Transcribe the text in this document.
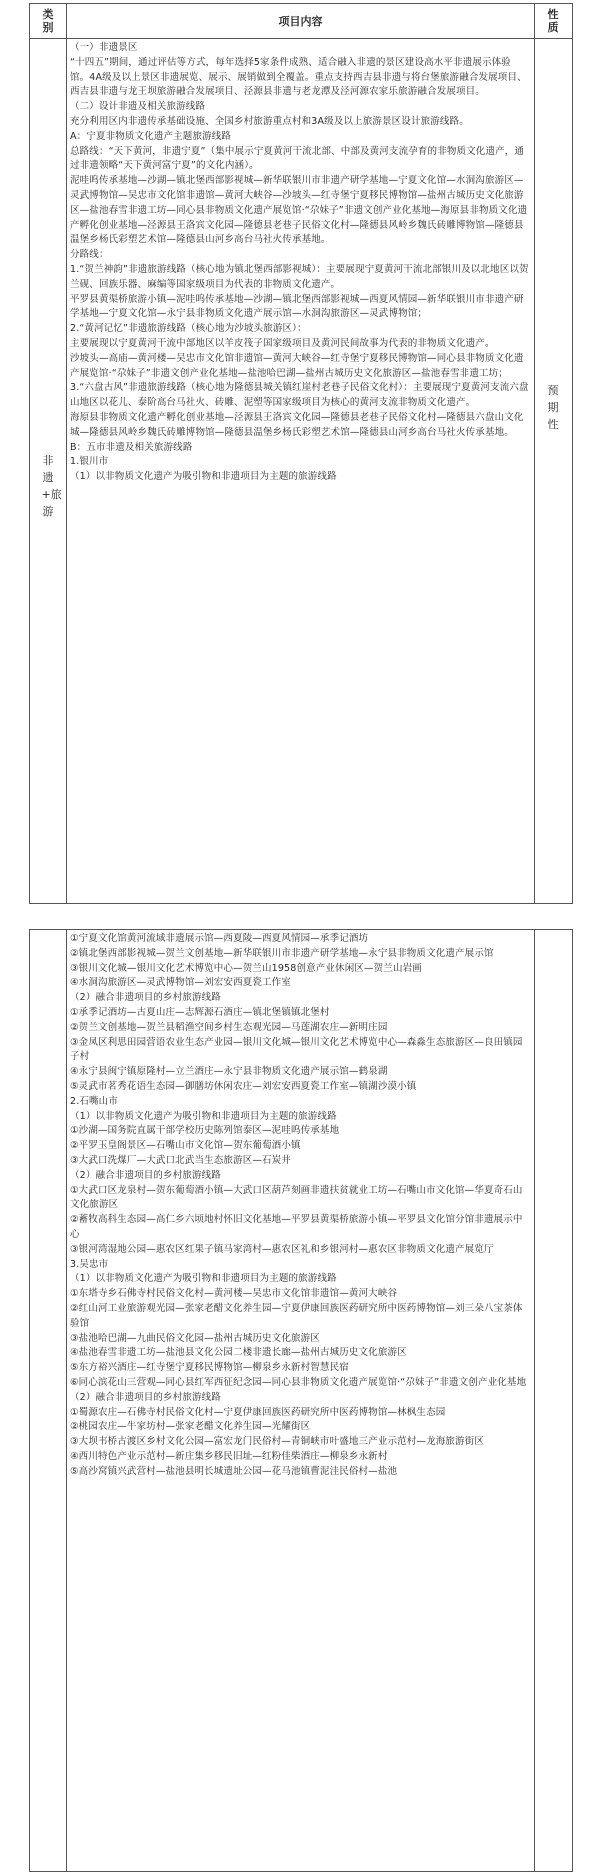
类别	项目内容	性质
非遗+旅游
预期性

（一）非遗景区

“十四五”期间，通过评估等方式，每年选择5家条件成熟、适合融入非遗的景区建设高水平非遗展示体验馆。4A级及以上景区非遗展览、展示、展销做到全覆盖。重点支持西吉县非遗与将台堡旅游融合发展项目、西吉县非遗与龙王坝旅游融合发展项目、泾源县非遗与老龙潭及泾河源农家乐旅游融合发展项目。

（二）设计非遗及相关旅游线路

充分利用区内非遗传承基础设施、全国乡村旅游重点村和3A级及以上旅游景区设计旅游线路。

A：宁夏非物质文化遗产主题旅游线路

总路线：“天下黄河，非遗宁夏”（集中展示宁夏黄河干流北部、中部及黄河支流孕育的非物质文化遗产，通过非遗领略“天下黄河富宁夏”的文化内涵）。

泥哇呜传承基地—沙湖—镇北堡西部影视城—新华联银川市非遗产研学基地—宁夏文化馆—水洞沟旅游区—灵武博物馆—吴忠市文化馆非遗馆—黄河大峡谷—沙坡头—红寺堡宁夏移民博物馆—盐州古城历史文化旅游区—盐池春雪非遗工坊—同心县非物质文化遗产展览馆·“尕妹子”非遗文创产业化基地—海原县非物质文化遗产孵化创业基地—泾源县王洛宾文化园—隆德县老巷子民俗文化村—隆德县风岭乡魏氏砖雕博物馆—隆德县温堡乡杨氏彩塑艺术馆—隆德县山河乡高台马社火传承基地。

分路线：

1.“贺兰神韵”非遗旅游线路（核心地为镇北堡西部影视城）：主要展现宁夏黄河干流北部银川及以北地区以贺兰砚、回族乐器、麻编等国家级项目为代表的非物质文化遗产。

平罗县黄渠桥旅游小镇—泥哇呜传承基地—沙湖—镇北堡西部影视城—西夏风情园—新华联银川市非遗产研学基地—宁夏文化馆—永宁县非物质文化遗产展示馆—水洞沟旅游区—灵武博物馆；

2.“黄河记忆”非遗旅游线路（核心地为沙坡头旅游区）：

主要展现以宁夏黄河干流中部地区以羊皮筏子国家级项目及黄河民间故事为代表的非物质文化遗产。

沙坡头—高庙—黄河楼—吴忠市文化馆非遗馆—黄河大峡谷—红寺堡宁夏移民博物馆—同心县非物质文化遗产展览馆·“尕妹子”非遗文创产业化基地—盐池哈巴湖—盐州古城历史文化旅游区—盐池春雪非遗工坊；

3.“六盘古风”非遗旅游线路（核心地为隆德县城关镇红崖村老巷子民俗文化村）：主要展现宁夏黄河支流六盘山地区以花儿、泰阶高台马社火、砖雕、泥塑等国家级项目为核心的黄河支流非物质文化遗产。

海原县非物质文化遗产孵化创业基地—泾源县王洛宾文化园—隆德县老巷子民俗文化村—隆德县六盘山文化城—隆德县风岭乡魏氏砖雕博物馆—隆德县温堡乡杨氏彩塑艺术馆—隆德县山河乡高台马社火传承基地。

B：五市非遗及相关旅游线路

1.银川市

（1）以非物质文化遗产为吸引物和非遗项目为主题的旅游线路

①宁夏文化馆黄河流域非遗展示馆—西夏陵—西夏风情园—承季记酒坊

②镇北堡西部影视城—贺兰文创基地—新华联银川市非遗产研学基地—永宁县非物质文化遗产展示馆

③银川文化城—银川文化艺术博览中心—贺兰山1958创意产业休闲区—贺兰山岩画

④水洞沟旅游区—灵武博物馆—刘宏安西夏瓷工作室

（2）融合非遗项目的乡村旅游线路

①承季记酒坊—古夏山庄—志辉源石酒庄—镇北堡镇镇北堡村

②贺兰文创基地—贺兰县稻渔空间乡村生态观光园—马莲湖农庄—新明庄园

③金凤区利思田园营语农业生态产业园—银川文化城—银川文化艺术博览中心—森淼生态旅游区—良田镇园子村

④永宁县闽宁镇原隆村—立兰酒庄—永宁县非物质文化遗产展示馆—鹤泉湖

⑤灵武市茗秀花语生态园—御膳坊休闲农庄—刘宏安西夏瓷工作室—镇湖沙漠小镇

2.石嘴山市

（1）以非物质文化遗产为吸引物和非遗项目为主题的旅游线路

①沙湖—国务院直属干部学校历史陈列馆泰区—泥哇呜传承基地

②平罗玉皇阁景区—石嘴山市文化馆—贺东葡萄酒小镇

③大武口洗煤厂—大武口北武当生态旅游区—石炭井

（2）融合非遗项目的乡村旅游线路

①大武口区龙泉村—贺东葡萄酒小镇—大武口区葫芦刻画非遗扶贫就业工坊—石嘴山市文化馆—华夏奇石山文化旅游区

②蓄牧高科生态园—高仁乡六顷地村怀旧文化基地—平罗县黄渠桥旅游小镇—平罗县文化馆分馆非遗展示中心

③银河湾湿地公园—惠农区红果子镇马家湾村—惠农区礼和乡银河村—惠农区非物质文化遗产展览厅

3.吴忠市

（1）以非物质文化遗产为吸引物和非遗项目为主题的旅游线路

①东塔寺乡石佛寺村民俗文化村—黄河楼—吴忠市文化馆非遗馆—黄河大峡谷

②红山河工业旅游观光园—张家老醋文化养生园—宁夏伊康回族医药研究所中医药博物馆—刘三朵八宝茶体验馆

③盐池哈巴湖—九曲民俗文化园—盐州古城历史文化旅游区

④盐池春雪非遗工坊—盐池县文化公园二楼非遗长廊—盐州古城历史文化旅游区

⑤东方裕兴酒庄—红寺堡宁夏移民博物馆—柳泉乡永新村智慧民宿

⑥同心滨花山三营观—同心县红军西征纪念园—同心县非物质文化遗产展览馆·“尕妹子”非遗文创产业化基地

（2）融合非遗项目的乡村旅游线路

①蜀源农庄—石佛寺村民俗文化村—宁夏伊康回族医药研究所中医药博物馆—林枫生态园

②桃园农庄—牛家坊村—张家老醋文化养生园—光耀街区

③大坝韦桥古渡区乡村文化公园—富宏龙门民俗村—青铜峡市叶盛地三产业示范村—龙海旅游街区

④西川特色产业示范村—新庄集乡移民旧址—红粉佳柴酒庄—柳泉乡永新村

⑤高沙窝镇兴武营村—盐池县明长城遗址公园—花马池镇曹泥洼民俗村—盐池
